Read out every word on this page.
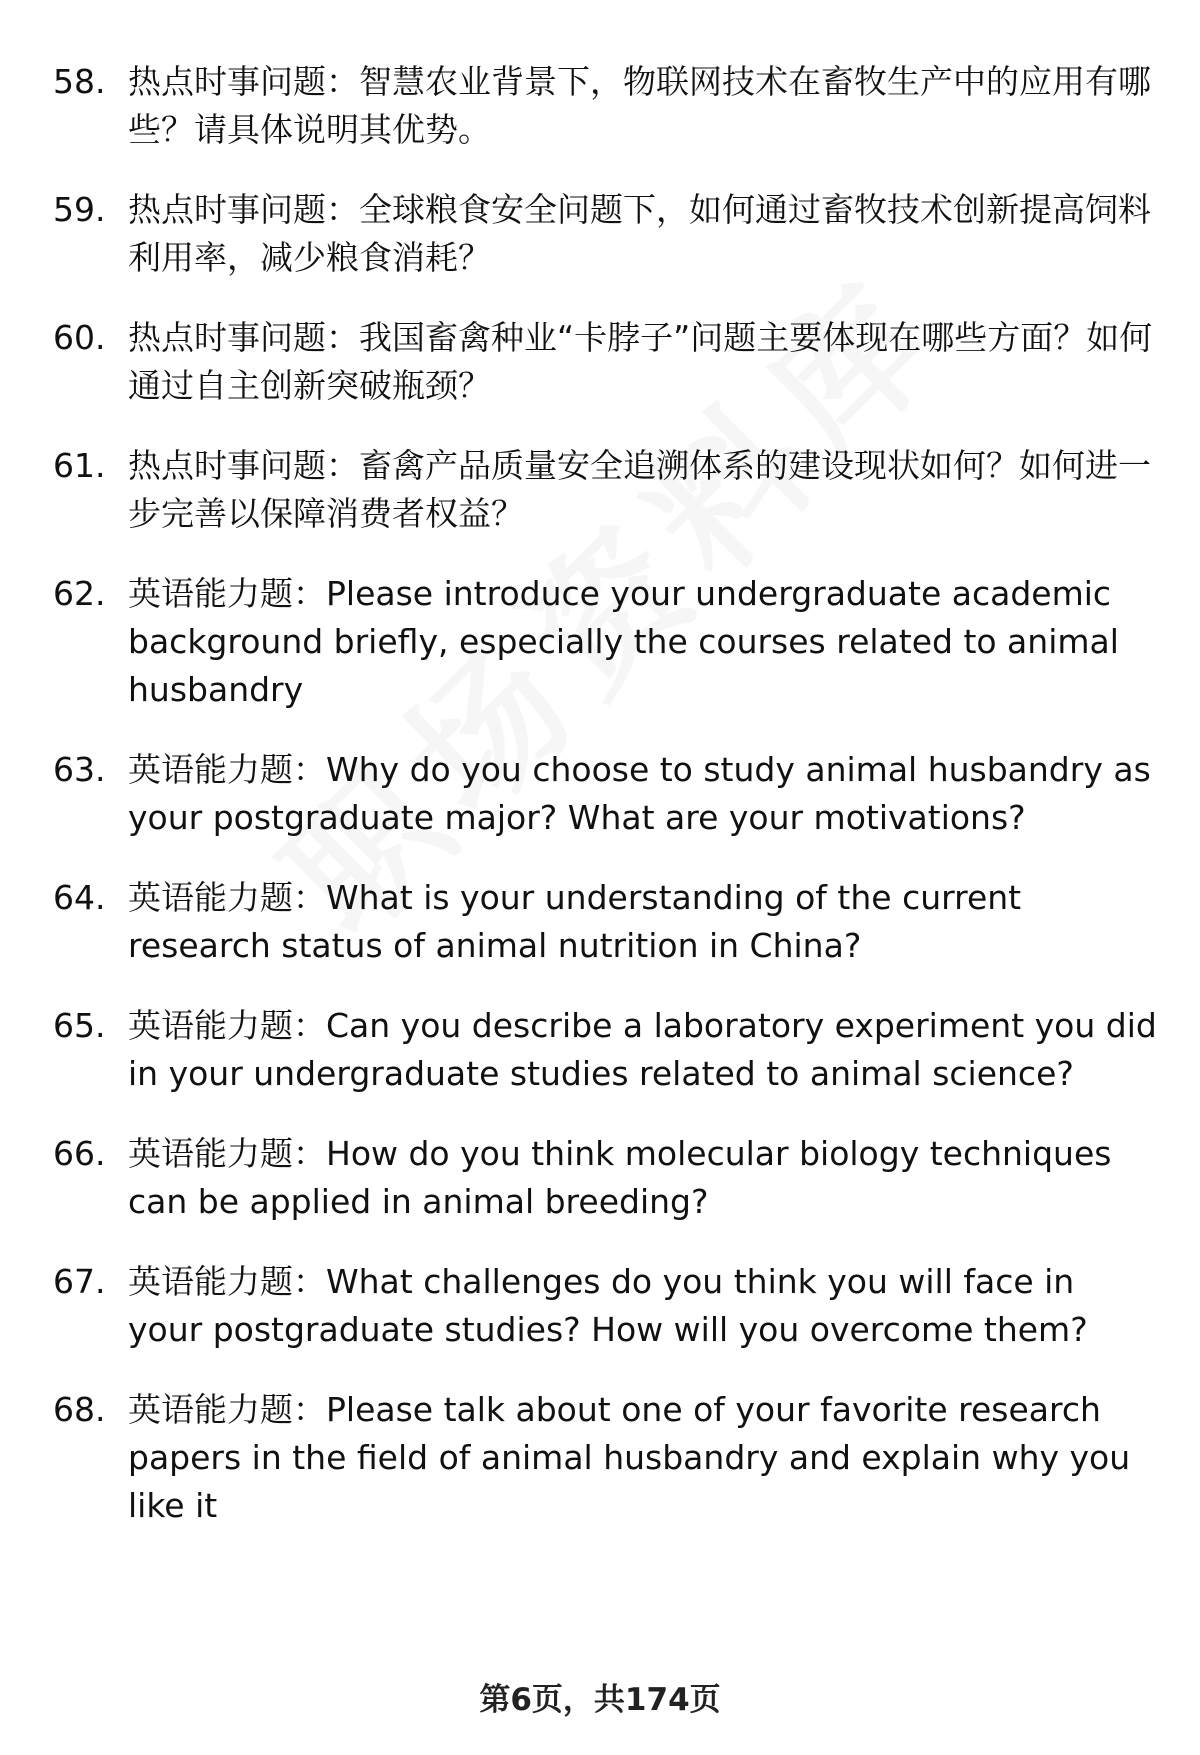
58. 热点时事问题：智慧农业背景下，物联网技术在畜牧生产中的应用有哪些？请具体说明其优势。
59. 热点时事问题：全球粮食安全问题下，如何通过畜牧技术创新提高饲料利用率，减少粮食消耗？
60. 热点时事问题：我国畜禽种业“卡脖子”问题主要体现在哪些方面？如何通过自主创新突破瓶颈？
61. 热点时事问题：畜禽产品质量安全追溯体系的建设现状如何？如何进一步完善以保障消费者权益？
62. 英语能力题：Please introduce your undergraduate academic background briefly, especially the courses related to animal husbandry
63. 英语能力题：Why do you choose to study animal husbandry as your postgraduate major? What are your motivations?
64. 英语能力题：What is your understanding of the current research status of animal nutrition in China?
65. 英语能力题：Can you describe a laboratory experiment you did in your undergraduate studies related to animal science?
66. 英语能力题：How do you think molecular biology techniques can be applied in animal breeding?
67. 英语能力题：What challenges do you think you will face in your postgraduate studies? How will you overcome them?
68. 英语能力题：Please talk about one of your favorite research papers in the field of animal husbandry and explain why you like it
第6页，共174页
